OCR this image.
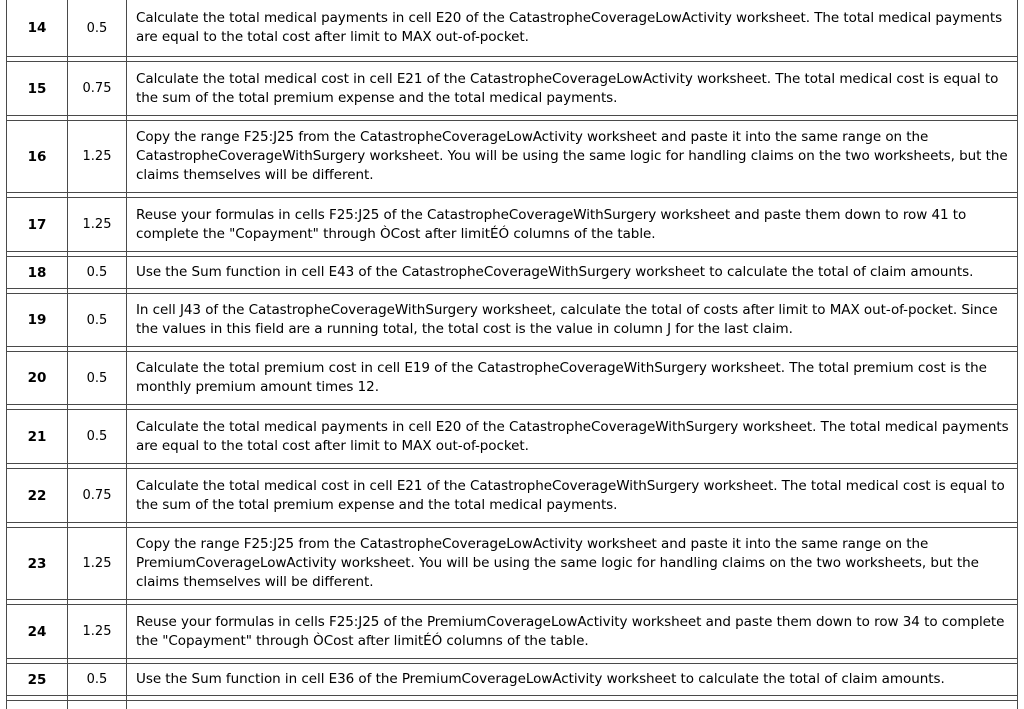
14	0.5	Calculate the total medical payments in cell E20 of the CatastropheCoverageLowActivity worksheet. The total medical payments are equal to the total cost after limit to MAX out-of-pocket.

15	0.75	Calculate the total medical cost in cell E21 of the CatastropheCoverageLowActivity worksheet. The total medical cost is equal to the sum of the total premium expense and the total medical payments.

16	1.25	Copy the range F25:J25 from the CatastropheCoverageLowActivity worksheet and paste it into the same range on the CatastropheCoverageWithSurgery worksheet. You will be using the same logic for handling claims on the two worksheets, but the claims themselves will be different.

17	1.25	Reuse your formulas in cells F25:J25 of the CatastropheCoverageWithSurgery worksheet and paste them down to row 41 to complete the "Copayment" through ÒCost after limitÉÓ columns of the table.

18	0.5	Use the Sum function in cell E43 of the CatastropheCoverageWithSurgery worksheet to calculate the total of claim amounts.

19	0.5	In cell J43 of the CatastropheCoverageWithSurgery worksheet, calculate the total of costs after limit to MAX out-of-pocket. Since the values in this field are a running total, the total cost is the value in column J for the last claim.

20	0.5	Calculate the total premium cost in cell E19 of the CatastropheCoverageWithSurgery worksheet. The total premium cost is the monthly premium amount times 12.

21	0.5	Calculate the total medical payments in cell E20 of the CatastropheCoverageWithSurgery worksheet. The total medical payments are equal to the total cost after limit to MAX out-of-pocket.

22	0.75	Calculate the total medical cost in cell E21 of the CatastropheCoverageWithSurgery worksheet. The total medical cost is equal to the sum of the total premium expense and the total medical payments.

23	1.25	Copy the range F25:J25 from the CatastropheCoverageLowActivity worksheet and paste it into the same range on the PremiumCoverageLowActivity worksheet. You will be using the same logic for handling claims on the two worksheets, but the claims themselves will be different.

24	1.25	Reuse your formulas in cells F25:J25 of the PremiumCoverageLowActivity worksheet and paste them down to row 34 to complete the "Copayment" through ÒCost after limitÉÓ columns of the table.

25	0.5	Use the Sum function in cell E36 of the PremiumCoverageLowActivity worksheet to calculate the total of claim amounts.
